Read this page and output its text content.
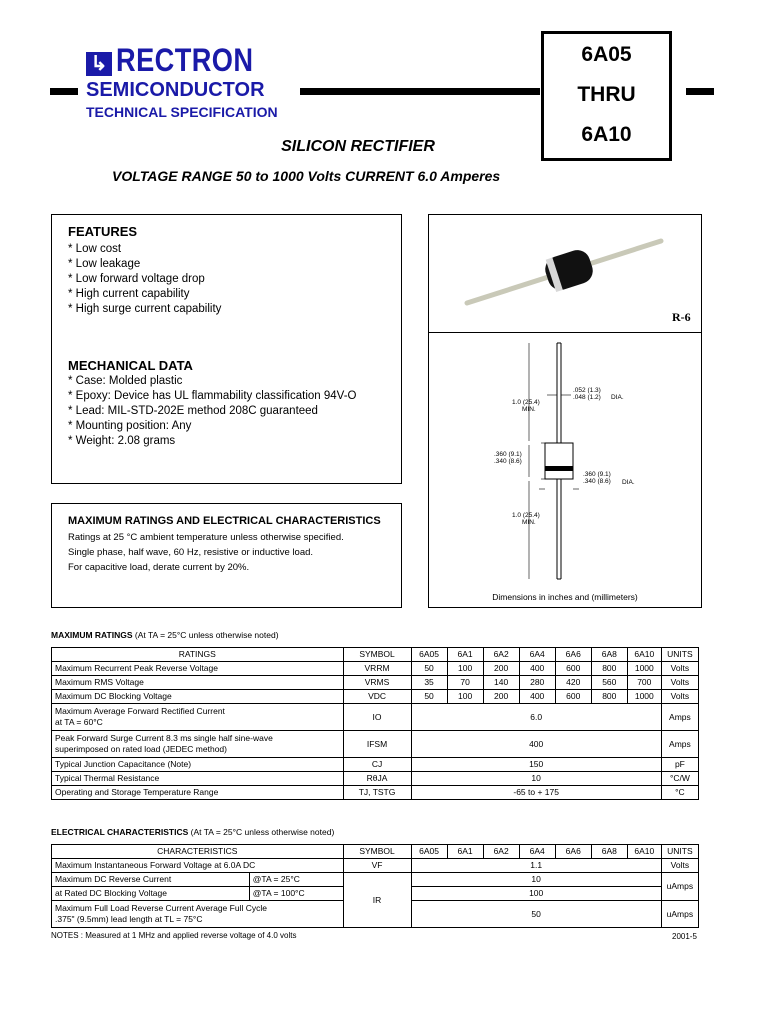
↳ RECTRON
SEMICONDUCTOR
TECHNICAL SPECIFICATION
6A05
THRU
6A10
SILICON RECTIFIER
VOLTAGE RANGE 50 to 1000 Volts CURRENT 6.0 Amperes
FEATURES
* Low cost
* Low leakage
* Low forward voltage drop
* High current capability
* High surge current capability
MECHANICAL DATA
* Case: Molded plastic
* Epoxy: Device has UL flammability classification 94V-O
* Lead: MIL-STD-202E method 208C guaranteed
* Mounting position: Any
* Weight: 2.08 grams
MAXIMUM RATINGS AND ELECTRICAL CHARACTERISTICS
Ratings at 25 °C ambient temperature unless otherwise specified.
Single phase, half wave, 60 Hz, resistive or inductive load.
For capacitive load, derate current by 20%.
R-6
1.0 (25.4)
MIN.
.052 (1.3)
.048 (1.2) DIA.
.360 (9.1)
.340 (8.6)
.360 (9.1)
.340 (8.6) DIA.
1.0 (25.4)
MIN.
Dimensions in inches and (millimeters)
MAXIMUM RATINGS (At TA = 25°C unless otherwise noted)
RATINGS	SYMBOL	6A05	6A1	6A2	6A4	6A6	6A8	6A10	UNITS
Maximum Recurrent Peak Reverse Voltage	VRRM	50	100	200	400	600	800	1000	Volts
Maximum RMS Voltage	VRMS	35	70	140	280	420	560	700	Volts
Maximum DC Blocking Voltage	VDC	50	100	200	400	600	800	1000	Volts

Maximum Average Forward Rectified Current
at TA = 60°C	IO	6.0							Amps

Peak Forward Surge Current 8.3 ms single half sine-wave
superimposed on rated load (JEDEC method)	IFSM	400							Amps
Typical Junction Capacitance (Note)	CJ	150							pF
Typical Thermal Resistance	RθJA	10							°C/W
Operating and Storage Temperature Range	TJ, TSTG	-65 to + 175							°C
ELECTRICAL CHARACTERISTICS (At TA = 25°C unless otherwise noted)
CHARACTERISTICS		SYMBOL	6A05	6A1	6A2	6A4	6A6	6A8	6A10	UNITS
Maximum Instantaneous Forward Voltage at 6.0A DC		VF	1.1							Volts
Maximum DC Reverse Current	@TA = 25°C	IR	10							uAmps
at Rated DC Blocking Voltage	@TA = 100°C		100							

Maximum Full Load Reverse Current Average Full Cycle
.375" (9.5mm) lead length at TL = 75°C			50							uAmps
NOTES : Measured at 1 MHz and applied reverse voltage of 4.0 volts	2001-5
